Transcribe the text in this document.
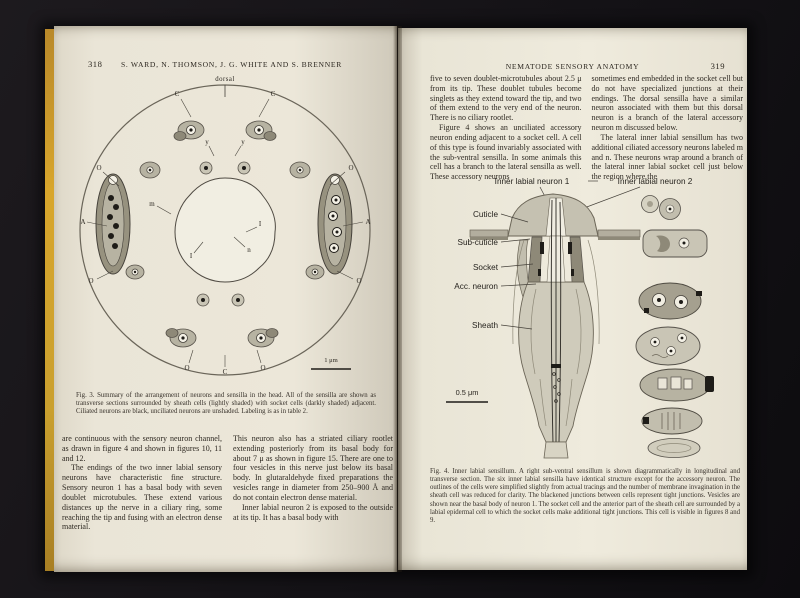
318	S. WARD, N. THOMSON, J. G. WHITE AND S. BRENNER
dorsal
C	C
y	y
A	A
O
O	O
O
m
n
I
I
O	C	O
1 μm

Fig. 3. Summary of the arrangement of neurons and sensilla in the head. All of the sensilla are shown as transverse sections surrounded by sheath cells (lightly shaded) with socket cells (darkly shaded) adjacent. Ciliated neurons are black, unciliated neurons are unshaded. Labeling is as in table 2.

are continuous with the sensory neuron channel, as drawn in figure 4 and shown in figures 10, 11 and 12.

The endings of the two inner labial sensory neurons have characteristic fine structure. Sensory neuron 1 has a basal body with seven doublet microtubules. These extend various distances up the nerve in a ciliary ring, some reaching the tip and fusing with an electron dense material.

This neuron also has a striated ciliary rootlet extending posteriorly from its basal body for about 7 μ as shown in figure 15. There are one to four vesicles in this nerve just below its basal body. In glutaraldehyde fixed preparations the vesicles range in diameter from 250–900 Å and do not contain electron dense material.

Inner labial neuron 2 is exposed to the outside at its tip. It has a basal body with

NEMATODE SENSORY ANATOMY	319

five to seven doublet-microtubules about 2.5 μ from its tip. These doublet tubules become singlets as they extend toward the tip, and two of them extend to the very end of the neuron. There is no ciliary rootlet.

Figure 4 shows an unciliated accessory neuron ending adjacent to a socket cell. A cell of this type is found invariably associated with the sub-ventral sensilla. In some animals this cell has a branch to the lateral sensilla as well. These accessory neurons

sometimes end embedded in the socket cell but do not have specialized junctions at their endings. The dorsal sensilla have a similar neuron associated with them but this dorsal neuron is a branch of the lateral accessory neuron m discussed below.

The lateral inner labial sensillum has two additional ciliated accessory neurons labeled m and n. These neurons wrap around a branch of the lateral inner labial socket cell just below the region where the

Inner labial neuron 1	Inner labial neuron 2
Cuticle
Sub-cuticle
Socket
Acc. neuron
Sheath
0.5 μm

Fig. 4. Inner labial sensillum. A right sub-ventral sensillum is shown diagrammatically in longitudinal and transverse section. The six inner labial sensilla have identical structure except for the accessory neuron. The outlines of the cells were simplified slightly from actual tracings and the number of membrane invagination in the sheath cell was reduced for clarity. The blackened junctions between cells represent tight junctions. Vesicles are shown near the basal body of neuron 1. The socket cell and the anterior part of the sheath cell are surrounded by a labial epidermal cell to which the socket cells make additional tight junctions. This cell is visible in figures 8 and 9.
